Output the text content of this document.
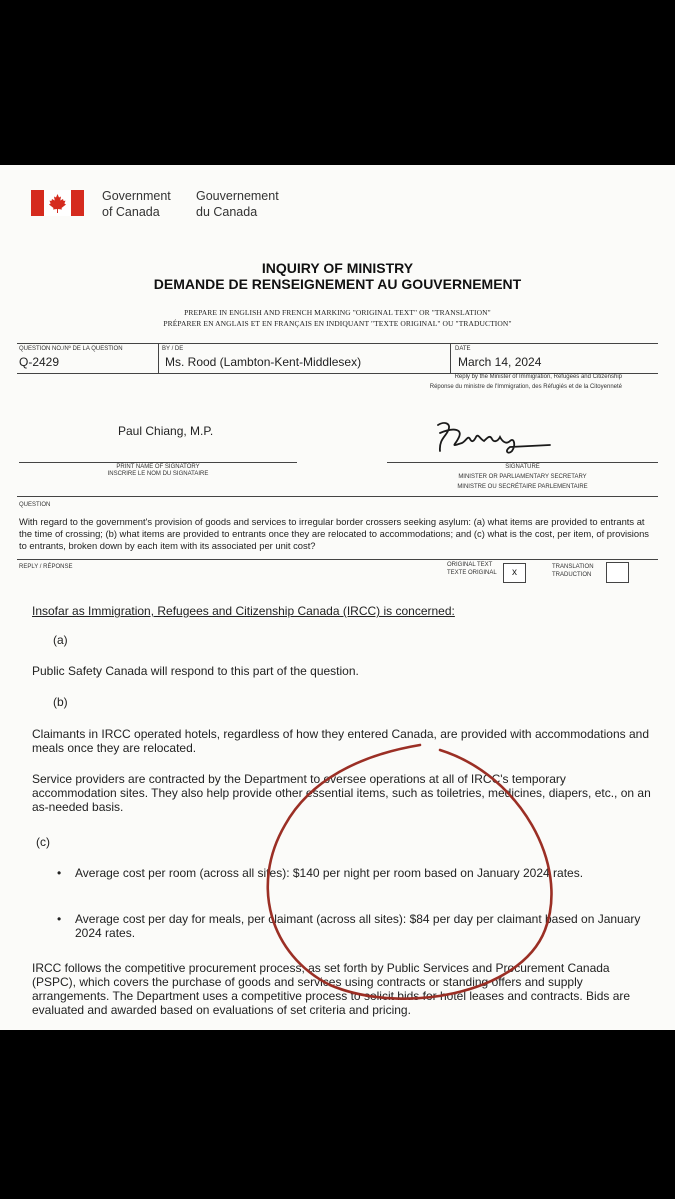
Government
of Canada
Gouvernement
du Canada
INQUIRY OF MINISTRY
DEMANDE DE RENSEIGNEMENT AU GOUVERNEMENT
PREPARE IN ENGLISH AND FRENCH MARKING "ORIGINAL TEXT" OR "TRANSLATION"
PRÉPARER EN ANGLAIS ET EN FRANÇAIS EN INDIQUANT "TEXTE ORIGINAL" OU "TRADUCTION"
QUESTION NO./Nº DE LA QUESTION
Q-2429
BY / DE
Ms. Rood (Lambton-Kent-Middlesex)
DATE
March 14, 2024
Reply by the Minister of Immigration, Refugees and Citizenship
Réponse du ministre de l'Immigration, des Réfugiés et de la Citoyenneté
Paul Chiang, M.P.
PRINT NAME OF SIGNATORY
INSCRIRE LE NOM DU SIGNATAIRE
SIGNATURE
MINISTER OR PARLIAMENTARY SECRETARY
MINISTRE OU SECRÉTAIRE PARLEMENTAIRE
QUESTION
With regard to the government's provision of goods and services to irregular border crossers seeking asylum: (a) what items are provided to entrants at the time of crossing; (b) what items are provided to entrants once they are relocated to accommodations; and (c) what is the cost, per item, of provisions to entrants, broken down by each item with its associated per unit cost?
REPLY / RÉPONSE	ORIGINAL TEXT
TEXTE ORIGINAL	x	TRANSLATION
TRADUCTION
Insofar as Immigration, Refugees and Citizenship Canada (IRCC) is concerned:
(a)
Public Safety Canada will respond to this part of the question.
(b)
Claimants in IRCC operated hotels, regardless of how they entered Canada, are provided with accommodations and meals once they are relocated.
Service providers are contracted by the Department to oversee operations at all of IRCC's temporary accommodation sites. They also help provide other essential items, such as toiletries, medicines, diapers, etc., on an as-needed basis.
(c)
• Average cost per room (across all sites): $140 per night per room based on January 2024 rates.
• Average cost per day for meals, per claimant (across all sites): $84 per day per claimant based on January 2024 rates.
IRCC follows the competitive procurement process, as set forth by Public Services and Procurement Canada (PSPC), which covers the purchase of goods and services using contracts or standing offers and supply arrangements. The Department uses a competitive process to solicit bids for hotel leases and contracts. Bids are evaluated and awarded based on evaluations of set criteria and pricing.
